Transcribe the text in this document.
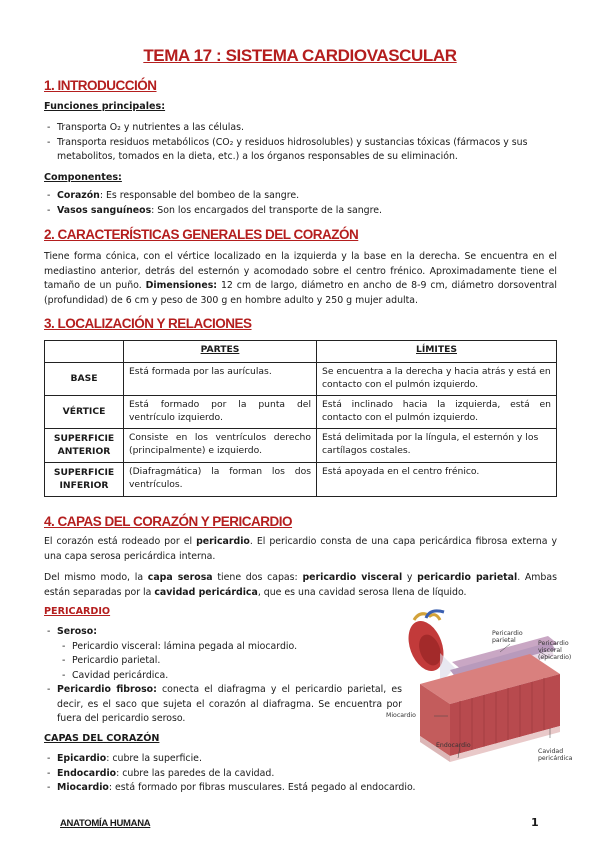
TEMA 17 : SISTEMA CARDIOVASCULAR
1. INTRODUCCIÓN
Funciones principales:
- Transporta O₂ y nutrientes a las células.
- Transporta residuos metabólicos (CO₂ y residuos hidrosolubles) y sustancias tóxicas (fármacos y sus metabolitos, tomados en la dieta, etc.) a los órganos responsables de su eliminación.
Componentes:
- Corazón: Es responsable del bombeo de la sangre.
- Vasos sanguíneos: Son los encargados del transporte de la sangre.
2. CARACTERÍSTICAS GENERALES DEL CORAZÓN
Tiene forma cónica, con el vértice localizado en la izquierda y la base en la derecha. Se encuentra en el mediastino anterior, detrás del esternón y acomodado sobre el centro frénico. Aproximadamente tiene el tamaño de un puño. Dimensiones: 12 cm de largo, diámetro en ancho de 8-9 cm, diámetro dorsoventral (profundidad) de 6 cm y peso de 300 g en hombre adulto y 250 g mujer adulta.
3. LOCALIZACIÓN Y RELACIONES
	PARTES	LÍMITES
BASE	Está formada por las aurículas.	Se encuentra a la derecha y hacia atrás y está en contacto con el pulmón izquierdo.
VÉRTICE	Está formado por la punta del ventrículo izquierdo.	Está inclinado hacia la izquierda, está en contacto con el pulmón izquierdo.
SUPERFICIE ANTERIOR	Consiste en los ventrículos derecho (principalmente) e izquierdo.	Está delimitada por la língula, el esternón y los cartílagos costales.
SUPERFICIE INFERIOR	(Diafragmática) la forman los dos ventrículos.	Está apoyada en el centro frénico.
4. CAPAS DEL CORAZÓN Y PERICARDIO
El corazón está rodeado por el pericardio. El pericardio consta de una capa pericárdica fibrosa externa y una capa serosa pericárdica interna.
Del mismo modo, la capa serosa tiene dos capas: pericardio visceral y pericardio parietal. Ambas están separadas por la cavidad pericárdica, que es una cavidad serosa llena de líquido.
PERICARDIO
- Seroso:
- Pericardio visceral: lámina pegada al miocardio.
- Pericardio parietal.
- Cavidad pericárdica.
- Pericardio fibroso: conecta el diafragma y el pericardio parietal, es decir, es el saco que sujeta el corazón al diafragma. Se encuentra por fuera del pericardio seroso.
CAPAS DEL CORAZÓN
- Epicardio: cubre la superficie.
- Endocardio: cubre las paredes de la cavidad.
- Miocardio: está formado por fibras musculares. Está pegado al endocardio.
Pericardio parietal	Pericardio visceral (epicardio)
Miocardio
Endocardio
Cavidad pericárdica
ANATOMÍA HUMANA	1
